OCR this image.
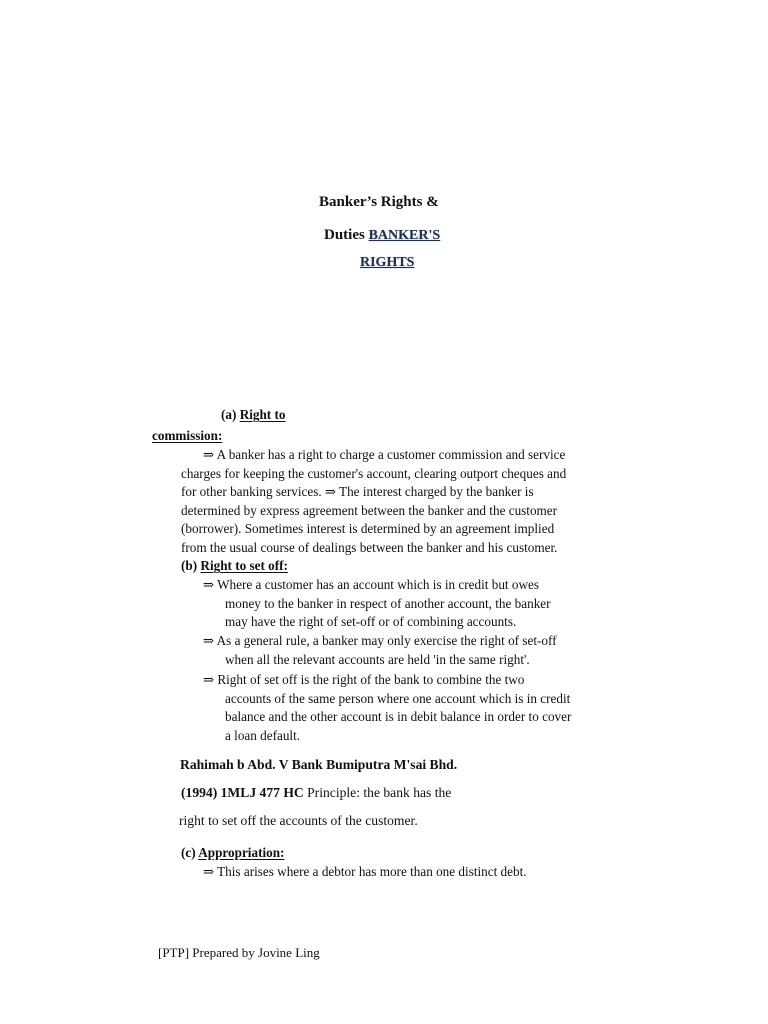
Banker’s Rights &
Duties BANKER'S
RIGHTS
(a) Right to
commission:
⇒ A banker has a right to charge a customer commission and service
charges for keeping the customer's account, clearing outport cheques and
for other banking services. ⇒ The interest charged by the banker is
determined by express agreement between the banker and the customer
(borrower). Sometimes interest is determined by an agreement implied
from the usual course of dealings between the banker and his customer.
(b) Right to set off:
⇒ Where a customer has an account which is in credit but owes
money to the banker in respect of another account, the banker
may have the right of set-off or of combining accounts.
⇒ As a general rule, a banker may only exercise the right of set-off
when all the relevant accounts are held 'in the same right'.
⇒ Right of set off is the right of the bank to combine the two
accounts of the same person where one account which is in credit
balance and the other account is in debit balance in order to cover
a loan default.
Rahimah b Abd. V Bank Bumiputra M'sai Bhd.
(1994) 1MLJ 477 HC Principle: the bank has the
right to set off the accounts of the customer.
(c) Appropriation:
⇒ This arises where a debtor has more than one distinct debt.
[PTP] Prepared by Jovine Ling
